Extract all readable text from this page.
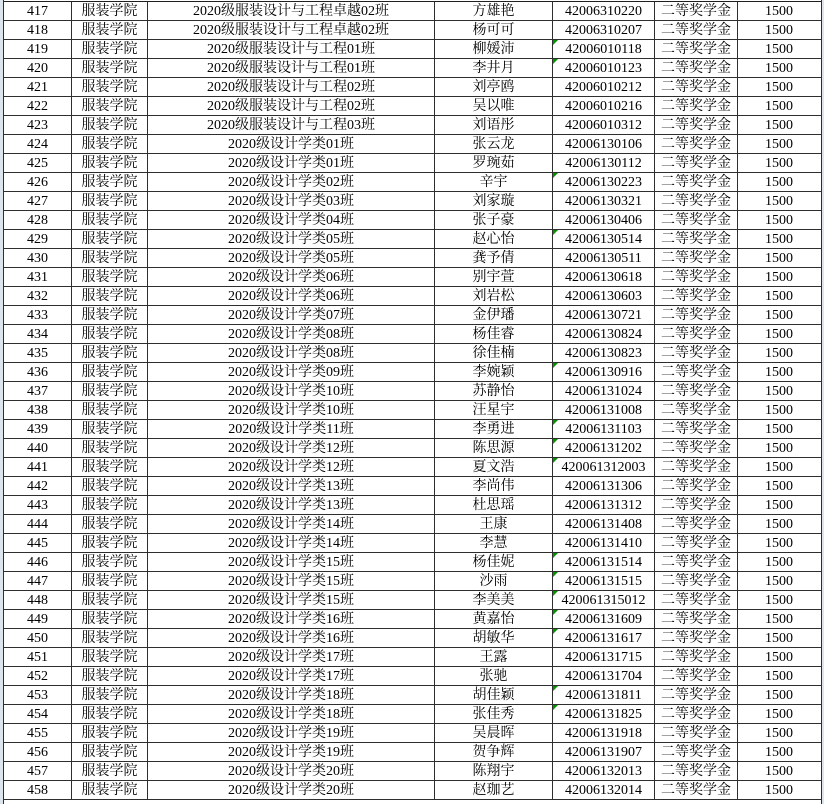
417	服装学院	2020级服装设计与工程卓越02班	方雄艳	42006310220	二等奖学金	1500
418	服装学院	2020级服装设计与工程卓越02班	杨可可	42006310207	二等奖学金	1500
419	服装学院	2020级服装设计与工程01班	柳媛沛	42006010118	二等奖学金	1500
420	服装学院	2020级服装设计与工程01班	李井月	42006010123	二等奖学金	1500
421	服装学院	2020级服装设计与工程02班	刘亭鸥	42006010212	二等奖学金	1500
422	服装学院	2020级服装设计与工程02班	吴以唯	42006010216	二等奖学金	1500
423	服装学院	2020级服装设计与工程03班	刘语彤	42006010312	二等奖学金	1500
424	服装学院	2020级设计学类01班	张云龙	42006130106	二等奖学金	1500
425	服装学院	2020级设计学类01班	罗琬茹	42006130112	二等奖学金	1500
426	服装学院	2020级设计学类02班	辛宇	42006130223	二等奖学金	1500
427	服装学院	2020级设计学类03班	刘家璇	42006130321	二等奖学金	1500
428	服装学院	2020级设计学类04班	张子豪	42006130406	二等奖学金	1500
429	服装学院	2020级设计学类05班	赵心怡	42006130514	二等奖学金	1500
430	服装学院	2020级设计学类05班	龚予倩	42006130511	二等奖学金	1500
431	服装学院	2020级设计学类06班	别宇萱	42006130618	二等奖学金	1500
432	服装学院	2020级设计学类06班	刘岩松	42006130603	二等奖学金	1500
433	服装学院	2020级设计学类07班	金伊璠	42006130721	二等奖学金	1500
434	服装学院	2020级设计学类08班	杨佳睿	42006130824	二等奖学金	1500
435	服装学院	2020级设计学类08班	徐佳楠	42006130823	二等奖学金	1500
436	服装学院	2020级设计学类09班	李婉颖	42006130916	二等奖学金	1500
437	服装学院	2020级设计学类10班	苏静怡	42006131024	二等奖学金	1500
438	服装学院	2020级设计学类10班	汪星宇	42006131008	二等奖学金	1500
439	服装学院	2020级设计学类11班	李勇进	42006131103	二等奖学金	1500
440	服装学院	2020级设计学类12班	陈思源	42006131202	二等奖学金	1500
441	服装学院	2020级设计学类12班	夏文浩	420061312003	二等奖学金	1500
442	服装学院	2020级设计学类13班	李尚伟	42006131306	二等奖学金	1500
443	服装学院	2020级设计学类13班	杜思瑶	42006131312	二等奖学金	1500
444	服装学院	2020级设计学类14班	王康	42006131408	二等奖学金	1500
445	服装学院	2020级设计学类14班	李慧	42006131410	二等奖学金	1500
446	服装学院	2020级设计学类15班	杨佳妮	42006131514	二等奖学金	1500
447	服装学院	2020级设计学类15班	沙雨	42006131515	二等奖学金	1500
448	服装学院	2020级设计学类15班	李美美	420061315012	二等奖学金	1500
449	服装学院	2020级设计学类16班	黄嘉怡	42006131609	二等奖学金	1500
450	服装学院	2020级设计学类16班	胡敏华	42006131617	二等奖学金	1500
451	服装学院	2020级设计学类17班	王露	42006131715	二等奖学金	1500
452	服装学院	2020级设计学类17班	张驰	42006131704	二等奖学金	1500
453	服装学院	2020级设计学类18班	胡佳颖	42006131811	二等奖学金	1500
454	服装学院	2020级设计学类18班	张佳秀	42006131825	二等奖学金	1500
455	服装学院	2020级设计学类19班	吴晨晖	42006131918	二等奖学金	1500
456	服装学院	2020级设计学类19班	贺争辉	42006131907	二等奖学金	1500
457	服装学院	2020级设计学类20班	陈翔宇	42006132013	二等奖学金	1500
458	服装学院	2020级设计学类20班	赵珈艺	42006132014	二等奖学金	1500
